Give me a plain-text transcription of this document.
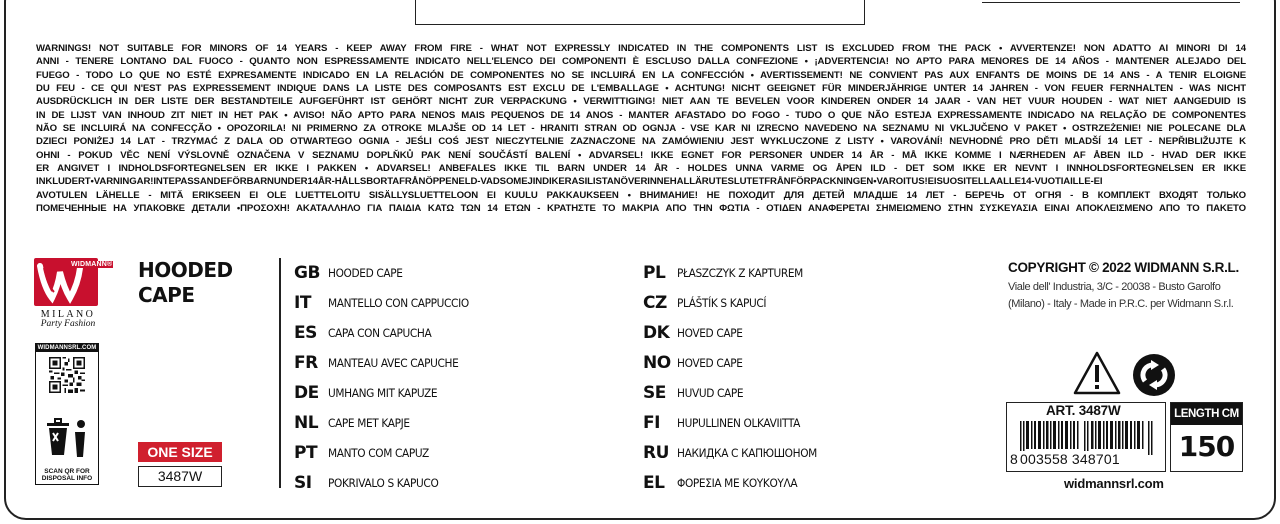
WARNINGS! NOT SUITABLE FOR MINORS OF 14 YEARS - KEEP AWAY FROM FIRE - WHAT NOT EXPRESSLY INDICATED IN THE COMPONENTS LIST IS EXCLUDED FROM THE PACK • AVVERTENZE! NON ADATTO AI MINORI DI 14

ANNI - TENERE LONTANO DAL FUOCO - QUANTO NON ESPRESSAMENTE INDICATO NELL'ELENCO DEI COMPONENTI È ESCLUSO DALLA CONFEZIONE • ¡ADVERTENCIA! NO APTO PARA MENORES DE 14 AÑOS - MANTENER ALEJADO DEL

FUEGO - TODO LO QUE NO ESTÉ EXPRESAMENTE INDICADO EN LA RELACIÓN DE COMPONENTES NO SE INCLUIRÁ EN LA CONFECCIÓN • AVERTISSEMENT! NE CONVIENT PAS AUX ENFANTS DE MOINS DE 14 ANS - A TENIR ELOIGNE

DU FEU - CE QUI N'EST PAS EXPRESSEMENT INDIQUE DANS LA LISTE DES COMPOSANTS EST EXCLU DE L'EMBALLAGE • ACHTUNG! NICHT GEEIGNET FÜR MINDERJÄHRIGE UNTER 14 JAHREN - VON FEUER FERNHALTEN - WAS NICHT

AUSDRÜCKLICH IN DER LISTE DER BESTANDTEILE AUFGEFÜHRT IST GEHÖRT NICHT ZUR VERPACKUNG • VERWITTIGING! NIET AAN TE BEVELEN VOOR KINDEREN ONDER 14 JAAR - VAN HET VUUR HOUDEN - WAT NIET AANGEDUID IS

IN DE LIJST VAN INHOUD ZIT NIET IN HET PAK • AVISO! NÃO APTO PARA NENOS MAIS PEQUENOS DE 14 ANOS - MANTER AFASTADO DO FOGO - TUDO O QUE NÃO ESTEJA EXPRESSAMENTE INDICADO NA RELAÇÃO DE COMPONENTES

NÃO SE INCLUIRÁ NA CONFECÇÃO • OPOZORILA! NI PRIMERNO ZA OTROKE MLAJŠE OD 14 LET - HRANITI STRAN OD OGNJA - VSE KAR NI IZRECNO NAVEDENO NA SEZNAMU NI VKLJUČENO V PAKET • OSTRZEŻENIE! NIE POLECANE DLA

DZIECI PONIŻEJ 14 LAT - TRZYMAĆ Z DALA OD OTWARTEGO OGNIA - JEŚLI COŚ JEST NIECZYTELNIE ZAZNACZONE NA ZAMÓWIENIU JEST WYKLUCZONE Z LISTY • VAROVÁNÍ! NEVHODNÉ PRO DĚTI MLADŠÍ 14 LET - NEPŘIBLIŽUJTE K

OHNI - POKUD VĚC NENÍ VÝSLOVNĚ OZNAČENA V SEZNAMU DOPLŇKŮ PAK NENÍ SOUČÁSTÍ BALENÍ • ADVARSEL! IKKE EGNET FOR PERSONER UNDER 14 ÅR - MÅ IKKE KOMME I NÆRHEDEN AF ÅBEN ILD - HVAD DER IKKE

ER ANGIVET I INDHOLDSFORTEGNELSEN ER IKKE I PAKKEN • ADVARSEL! ANBEFALES IKKE TIL BARN UNDER 14 ÅR - HOLDES UNNA VARME OG ÅPEN ILD - DET SOM IKKE ER NEVNT I INNHOLDSFORTEGNELSEN ER IKKE

INKLUDERT•VARNINGAR!INTEPASSANDEFÖRBARNUNDER14ÅR-HÅLLSBORTAFRÅNÖPPENELD-VADSOMEJINDIKERASILISTANÖVERINNEHALLÄRUTESLUTETFRÅNFÖRPACKNINGEN•VAROITUS!EISUOSITELLAALLE14-VUOTIAILLE-EI

AVOTULEN LÄHELLE - MITÄ ERIKSEEN EI OLE LUETTELOITU SISÄLLYSLUETTELOON EI KUULU PAKKAUKSEEN • ВНИМАНИЕ! НЕ ПОХОДИТ ДЛЯ ДЕТЕЙ МЛАДШЕ 14 ЛЕТ - БЕРЕЧЬ ОТ ОГНЯ - В КОМПЛЕКТ ВХОДЯТ ТОЛЬКО

ПОМЕЧЕННЫЕ НА УПАКОВКЕ ДЕТАЛИ •ΠΡΟΣΟΧΗ! ΑΚΑΤΑΛΛΗΛΟ ΓΙΑ ΠΑΙΔΙΑ ΚΑΤΩ ΤΩΝ 14 ΕΤΩΝ - ΚΡΑΤΗΣΤΕ ΤΟ ΜΑΚΡΙΑ ΑΠΟ ΤΗΝ ΦΩΤΙΑ - ΟΤΙΔΕΝ ΑΝΑΦΕΡΕΤΑΙ ΣΗΜΕΙΩΜΕΝΟ ΣΤΗΝ ΣΥΣΚΕΥΑΣΙΑ ΕΙΝΑΙ ΑΠΟΚΛΕΙΣΜΕΝΟ ΑΠΟ ΤΟ ΠΑΚΕΤΟ

WIDMANN®
MILANO
Party Fashion
WIDMANNSRL.COM
SCAN QR FOR
DISPOSAL INFO
HOODED
CAPE
ONE SIZE
3487W
GB HOODED CAPE
IT	MANTELLO CON CAPPUCCIO
ES CAPA CON CAPUCHA
FR MANTEAU AVEC CAPUCHE
DE UMHANG MIT KAPUZE
NL CAPE MET KAPJE
PT MANTO COM CAPUZ
SI	POKRIVALO S KAPUCO
PL	PŁASZCZYK Z KAPTUREM
CZ PLÁŠTÍK S KAPUCÍ
DK HOVED CAPE
NO HOVED CAPE
SE HUVUD CAPE
FI	HUPULLINEN OLKAVIITTA
RU НАКИДКА С КАПЮШОНОМ
EL	ΦΟΡΕΣΙΑ ΜΕ ΚΟΥΚΟΥΛΑ
COPYRIGHT © 2022 WIDMANN S.R.L.
Viale dell' Industria, 3/C - 20038 - Busto Garolfo
(Milano) - Italy - Made in P.R.C. per Widmann S.r.l.
ART. 3487W
8 003558 348701
LENGTH CM
150
widmannsrl.com
